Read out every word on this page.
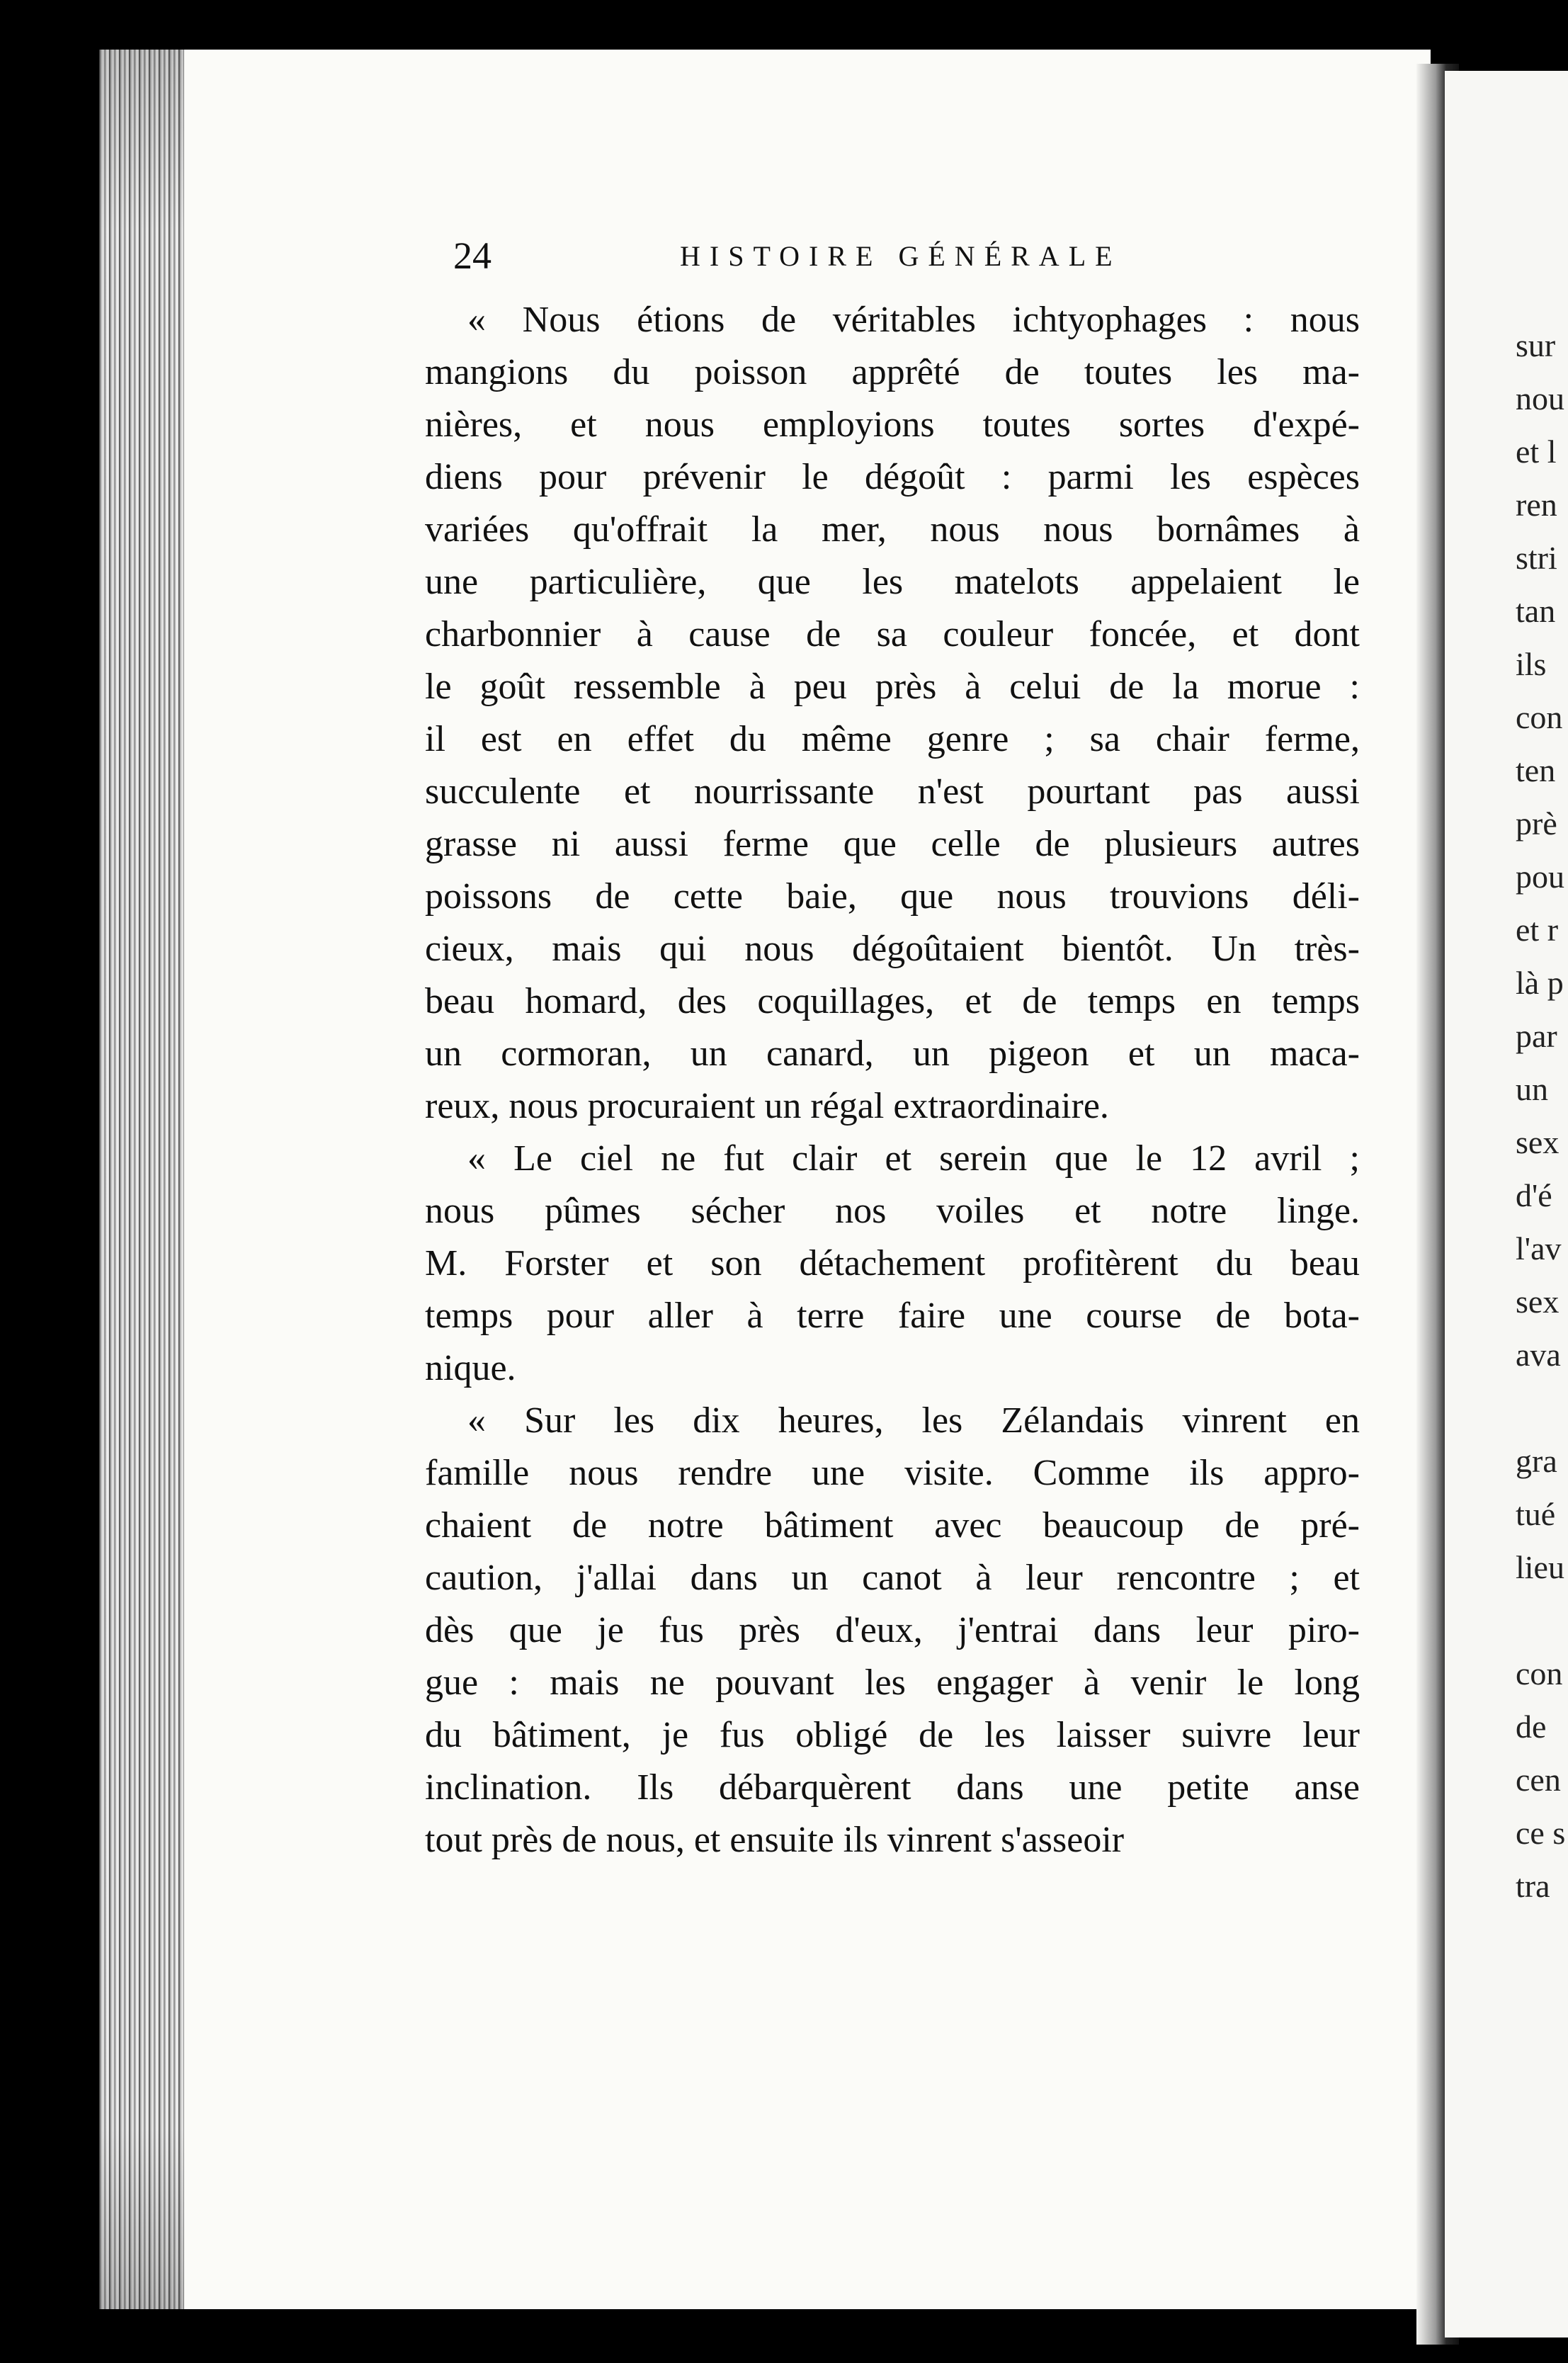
24	HISTOIRE GÉNÉRALE
« Nous étions de véritables ichtyophages : nous
mangions du poisson apprêté de toutes les ma-
nières, et nous employions toutes sortes d'expé-
diens pour prévenir le dégoût : parmi les espèces
variées qu'offrait la mer, nous nous bornâmes à
une particulière, que les matelots appelaient le
charbonnier à cause de sa couleur foncée, et dont
le goût ressemble à peu près à celui de la morue :
il est en effet du même genre ; sa chair ferme,
succulente et nourrissante n'est pourtant pas aussi
grasse ni aussi ferme que celle de plusieurs autres
poissons de cette baie, que nous trouvions déli-
cieux, mais qui nous dégoûtaient bientôt. Un très-
beau homard, des coquillages, et de temps en temps
un cormoran, un canard, un pigeon et un maca-
reux, nous procuraient un régal extraordinaire.
« Le ciel ne fut clair et serein que le 12 avril ;
nous pûmes sécher nos voiles et notre linge.
M. Forster et son détachement profitèrent du beau
temps pour aller à terre faire une course de bota-
nique.
« Sur les dix heures, les Zélandais vinrent en
famille nous rendre une visite. Comme ils appro-
chaient de notre bâtiment avec beaucoup de pré-
caution, j'allai dans un canot à leur rencontre ; et
dès que je fus près d'eux, j'entrai dans leur piro-
gue : mais ne pouvant les engager à venir le long
du bâtiment, je fus obligé de les laisser suivre leur
inclination. Ils débarquèrent dans une petite anse
tout près de nous, et ensuite ils vinrent s'asseoir
sur
nou
et l
ren
stri
tan
ils
con
ten
prè
pou
et r
là p
par
un
sex
d'é
l'av
sex
ava
gra
tué
lieu
con
de
cen
ce s
tra
